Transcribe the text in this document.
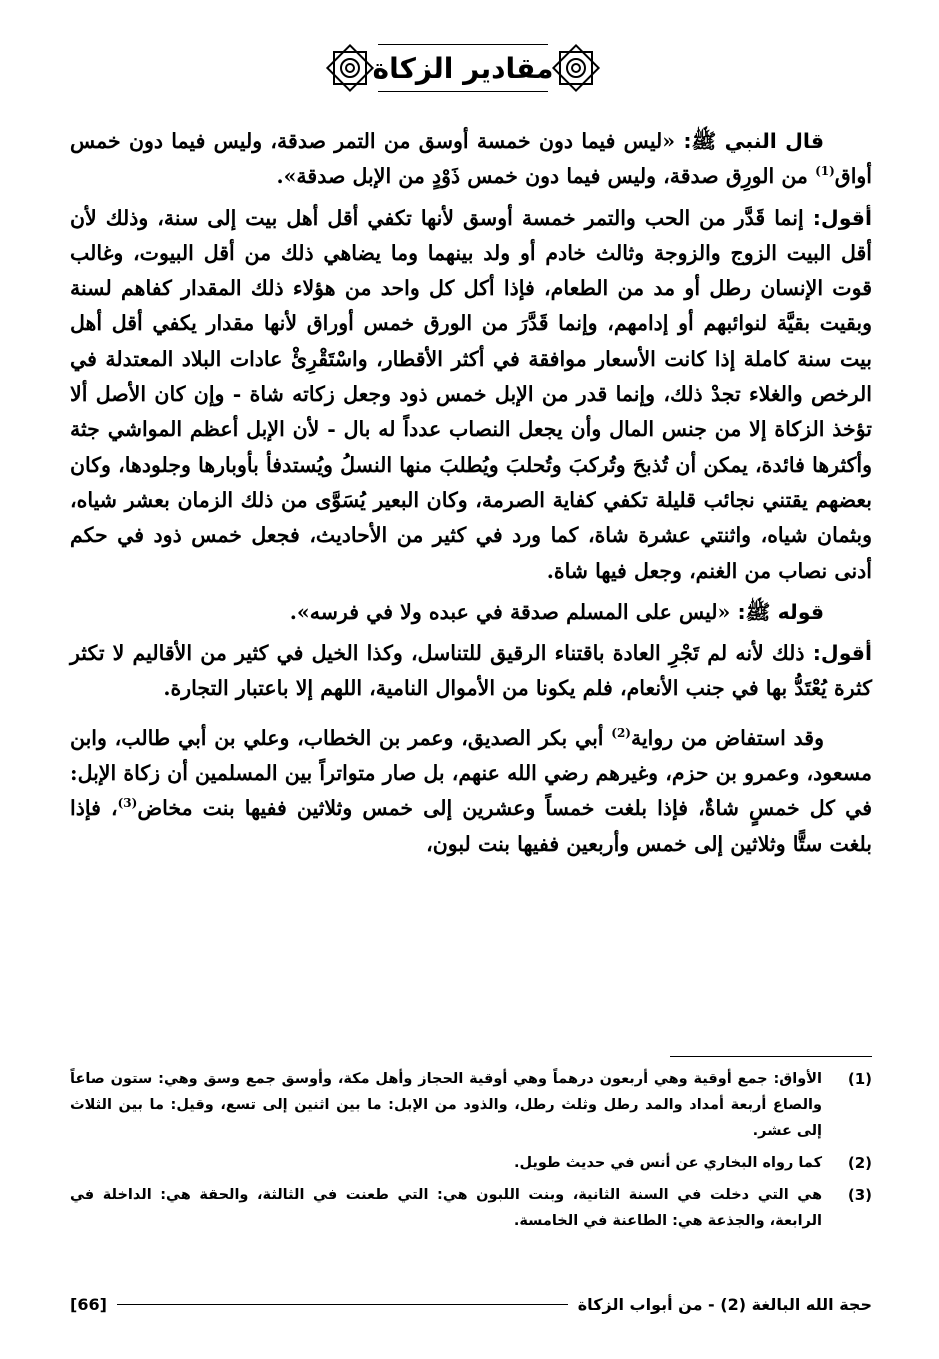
مقادير الزكاة

قال النبي ﷺ: «ليس فيما دون خمسة أوسق من التمر صدقة، وليس فيما دون خمس أواق$^{(1)}$ من الورِق صدقة، وليس فيما دون خمس ذَوْدٍ من الإبل صدقة».

أقول: إنما قَدَّر من الحب والتمر خمسة أوسق لأنها تكفي أقل أهل بيت إلى سنة، وذلك لأن أقل البيت الزوج والزوجة وثالث خادم أو ولد بينهما وما يضاهي ذلك من أقل البيوت، وغالب قوت الإنسان رطل أو مد من الطعام، فإذا أكل كل واحد من هؤلاء ذلك المقدار كفاهم لسنة وبقيت بقيَّة لنوائبهم أو إدامهم، وإنما قَدَّرَ من الورق خمس أوراق لأنها مقدار يكفي أقل أهل بيت سنة كاملة إذا كانت الأسعار موافقة في أكثر الأقطار، واسْتَقْرِئْ عادات البلاد المعتدلة في الرخص والغلاء تجدْ ذلك، وإنما قدر من الإبل خمس ذود وجعل زكاته شاة - وإن كان الأصل ألا تؤخذ الزكاة إلا من جنس المال وأن يجعل النصاب عدداً له بال - لأن الإبل أعظم المواشي جثة وأكثرها فائدة، يمكن أن تُذبحَ وتُركبَ وتُحلبَ ويُطلبَ منها النسلُ ويُستدفأ بأوبارها وجلودها، وكان بعضهم يقتني نجائب قليلة تكفي كفاية الصرمة، وكان البعير يُسَوَّى من ذلك الزمان بعشر شياه، وبثمان شياه، واثنتي عشرة شاة، كما ورد في كثير من الأحاديث، فجعل خمس ذود في حكم أدنى نصاب من الغنم، وجعل فيها شاة.

قوله ﷺ: «ليس على المسلم صدقة في عبده ولا في فرسه».

أقول: ذلك لأنه لم تَجْرِ العادة باقتناء الرقيق للتناسل، وكذا الخيل في كثير من الأقاليم لا تكثر كثرة يُعْتَدُّ بها في جنب الأنعام، فلم يكونا من الأموال النامية، اللهم إلا باعتبار التجارة.

وقد استفاض من رواية$^{(2)}$ أبي بكر الصديق، وعمر بن الخطاب، وعلي بن أبي طالب، وابن مسعود، وعمرو بن حزم، وغيرهم رضي الله عنهم، بل صار متواتراً بين المسلمين أن زكاة الإبل: في كل خمسٍ شاةٌ، فإذا بلغت خمساً وعشرين إلى خمس وثلاثين ففيها بنت مخاض$^{(3)}$، فإذا بلغت ستًّا وثلاثين إلى خمس وأربعين ففيها بنت لبون،

(1)
الأواق: جمع أوقية وهي أربعون درهماً وهي أوقية الحجاز وأهل مكة، وأوسق جمع وسق وهي: ستون صاعاً والصاع أربعة أمداد والمد رطل وثلث رطل، والذود من الإبل: ما بين اثنين إلى تسع، وقيل: ما بين الثلاث إلى عشر.
(2)
كما رواه البخاري عن أنس في حديث طويل.
(3)
هي التي دخلت في السنة الثانية، وبنت اللبون هي: التي طعنت في الثالثة، والحقة هي: الداخلة في الرابعة، والجذعة هي: الطاعنة في الخامسة.
حجة الله البالغة (2) - من أبواب الزكاة
[66]
